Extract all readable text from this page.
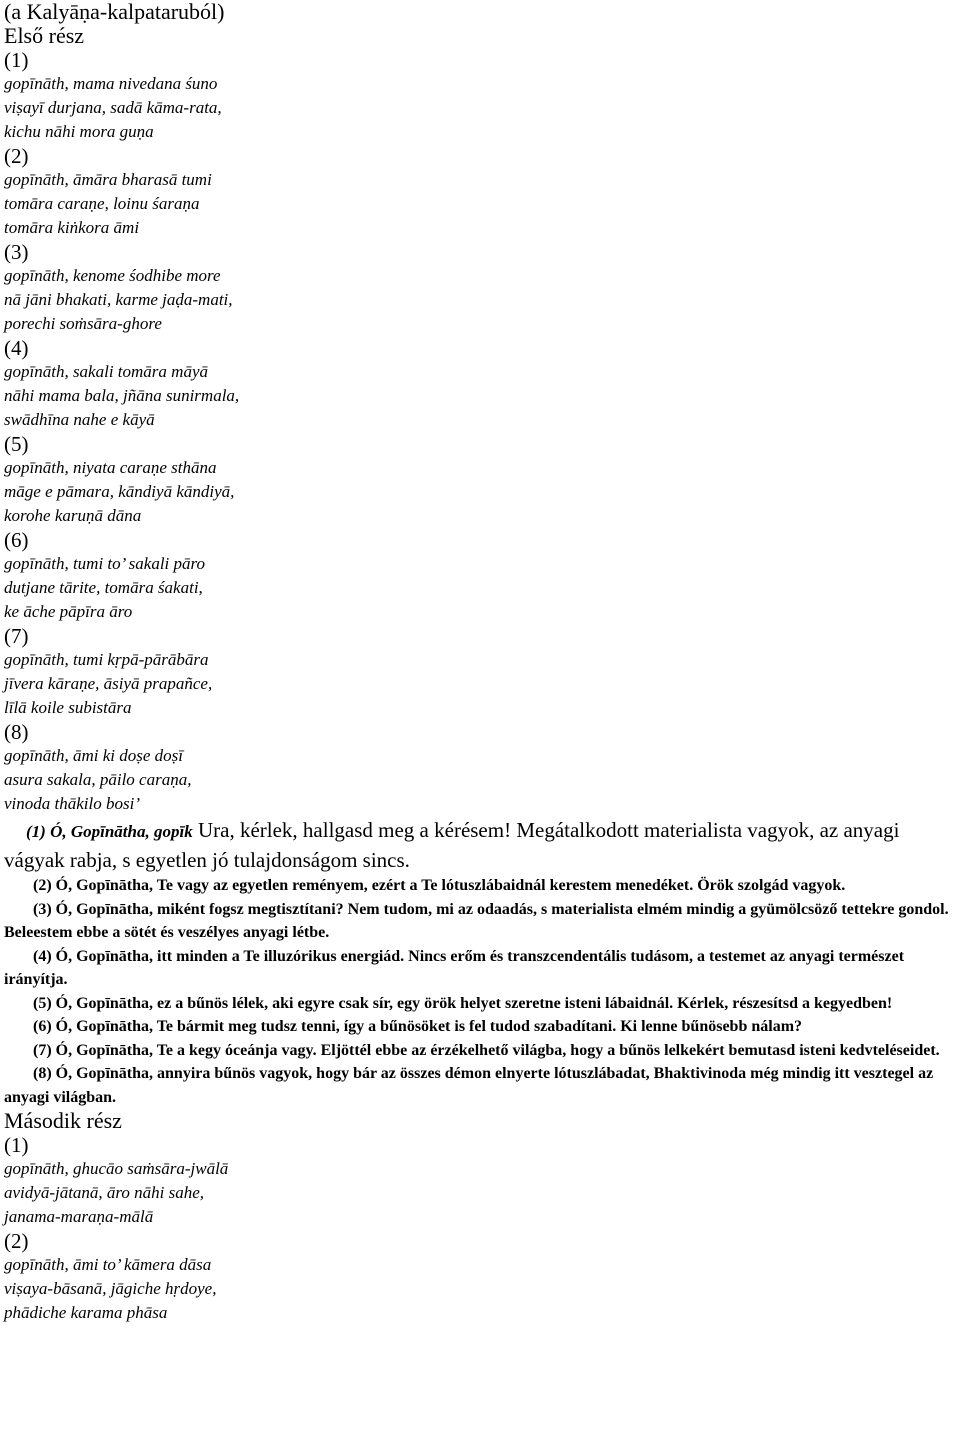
(a Kalyāṇa-kalpataruból)
Első rész
(1)
gopīnāth, mama nivedana śuno
viṣayī durjana, sadā kāma-rata,
kichu nāhi mora guṇa
(2)
gopīnāth, āmāra bharasā tumi
tomāra caraṇe, loinu śaraṇa
tomāra kiṅkora āmi
(3)
gopīnāth, kenome śodhibe more
nā jāni bhakati, karme jaḍa-mati,
porechi soṁsāra-ghore
(4)
gopīnāth, sakali tomāra māyā
nāhi mama bala, jñāna sunirmala,
swādhīna nahe e kāyā
(5)
gopīnāth, niyata caraṇe sthāna
māge e pāmara, kāndiyā kāndiyā,
korohe karuṇā dāna
(6)
gopīnāth, tumi to’ sakali pāro
dutjane tārite, tomāra śakati,
ke āche pāpīra āro
(7)
gopīnāth, tumi kṛpā-pārābāra
jīvera kāraṇe, āsiyā prapañce,
līlā koile subistāra
(8)
gopīnāth, āmi ki doṣe doṣī
asura sakala, pāilo caraṇa,
vinoda thākilo bosi’

(1) Ó, Gopīnātha, gopīk Ura, kérlek, hallgasd meg a kérésem! Megátalkodott materialista vagyok, az anyagi vágyak rabja, s egyetlen jó tulajdonságom sincs.

(2) Ó, Gopīnātha, Te vagy az egyetlen reményem, ezért a Te lótuszlábaidnál kerestem menedéket. Örök szolgád vagyok.

(3) Ó, Gopīnātha, miként fogsz megtisztítani? Nem tudom, mi az odaadás, s materialista elmém mindig a gyümölcsöző tettekre gondol. Beleestem ebbe a sötét és veszélyes anyagi létbe.

(4) Ó, Gopīnātha, itt minden a Te illuzórikus energiád. Nincs erőm és transzcendentális tudásom, a testemet az anyagi természet irányítja.

(5) Ó, Gopīnātha, ez a bűnös lélek, aki egyre csak sír, egy örök helyet szeretne isteni lábaidnál. Kérlek, részesítsd a kegyedben!

(6) Ó, Gopīnātha, Te bármit meg tudsz tenni, így a bűnösöket is fel tudod szabadítani. Ki lenne bűnösebb nálam?

(7) Ó, Gopīnātha, Te a kegy óceánja vagy. Eljöttél ebbe az érzékelhető világba, hogy a bűnös lelkekért bemutasd isteni kedvteléseidet.

(8) Ó, Gopīnātha, annyira bűnös vagyok, hogy bár az összes démon elnyerte lótuszlábadat, Bhaktivinoda még mindig itt vesztegel az anyagi világban.

Második rész
(1)
gopīnāth, ghucāo saṁsāra-jwālā
avidyā-jātanā, āro nāhi sahe,
janama-maraṇa-mālā
(2)
gopīnāth, āmi to’ kāmera dāsa
viṣaya-bāsanā, jāgiche hṛdoye,
phādiche karama phāsa
